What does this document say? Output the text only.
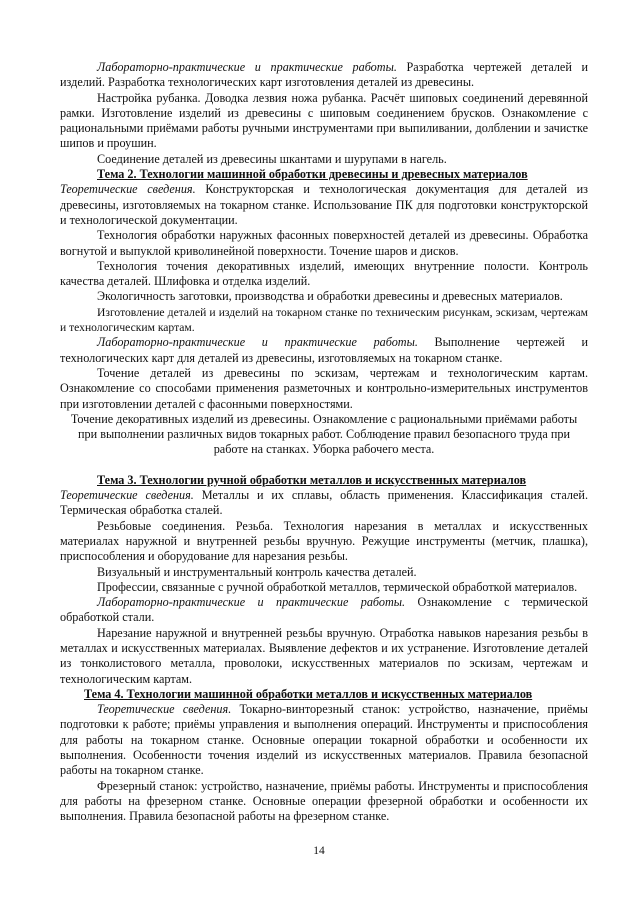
Лабораторно-практические и практические работы. Разработка чертежей деталей и изделий. Разработка технологических карт изготовления деталей из древесины.

Настройка рубанка. Доводка лезвия ножа рубанка. Расчёт шиповых соединений деревянной рамки. Изготовление изделий из древесины с шиповым соединением брусков. Ознакомление с рациональными приёмами работы ручными инструментами при выпиливании, долблении и зачистке шипов и проушин.

Соединение деталей из древесины шкантами и шурупами в нагель.

Тема 2. Технологии машинной обработки древесины и древесных материалов

Теоретические сведения. Конструкторская и технологическая документация для деталей из древесины, изготовляемых на токарном станке. Использование ПК для подготовки конструкторской и технологической документации.

Технология обработки наружных фасонных поверхностей деталей из древесины. Обработка вогнутой и выпуклой криволинейной поверхности. Точение шаров и дисков.

Технология точения декоративных изделий, имеющих внутренние полости. Контроль качества деталей. Шлифовка и отделка изделий.

Экологичность заготовки, производства и обработки древесины и древесных материалов.

Изготовление деталей и изделий на токарном станке по техническим рисункам, эскизам, чертежам и технологическим картам.

Лабораторно-практические и практические работы. Выполнение чертежей и технологических карт для деталей из древесины, изготовляемых на токарном станке.

Точение деталей из древесины по эскизам, чертежам и технологическим картам. Ознакомление со способами применения разметочных и контрольно-измерительных инструментов при изготовлении деталей с фасонными поверхностями.

Точение декоративных изделий из древесины. Ознакомление с рациональными приёмами работы при выполнении различных видов токарных работ. Соблюдение правил безопасного труда при работе на станках. Уборка рабочего места.

Тема 3. Технологии ручной обработки металлов и искусственных материалов

Теоретические сведения. Металлы и их сплавы, область применения. Классификация сталей. Термическая обработка сталей.

Резьбовые соединения. Резьба. Технология нарезания в металлах и искусственных материалах наружной и внутренней резьбы вручную. Режущие инструменты (метчик, плашка), приспособления и оборудование для нарезания резьбы.

Визуальный и инструментальный контроль качества деталей.

Профессии, связанные с ручной обработкой металлов, термической обработкой материалов.

Лабораторно-практические и практические работы. Ознакомление с термической обработкой стали.

Нарезание наружной и внутренней резьбы вручную. Отработка навыков нарезания резьбы в металлах и искусственных материалах. Выявление дефектов и их устранение. Изготовление деталей из тонколистового металла, проволоки, искусственных материалов по эскизам, чертежам и технологическим картам.

Тема 4. Технологии машинной обработки металлов и искусственных материалов

Теоретические сведения. Токарно-винторезный станок: устройство, назначение, приёмы подготовки к работе; приёмы управления и выполнения операций. Инструменты и приспособления для работы на токарном станке. Основные операции токарной обработки и особенности их выполнения. Особенности точения изделий из искусственных материалов. Правила безопасной работы на токарном станке.

Фрезерный станок: устройство, назначение, приёмы работы. Инструменты и приспособления для работы на фрезерном станке. Основные операции фрезерной обработки и особенности их выполнения. Правила безопасной работы на фрезерном станке.

14
